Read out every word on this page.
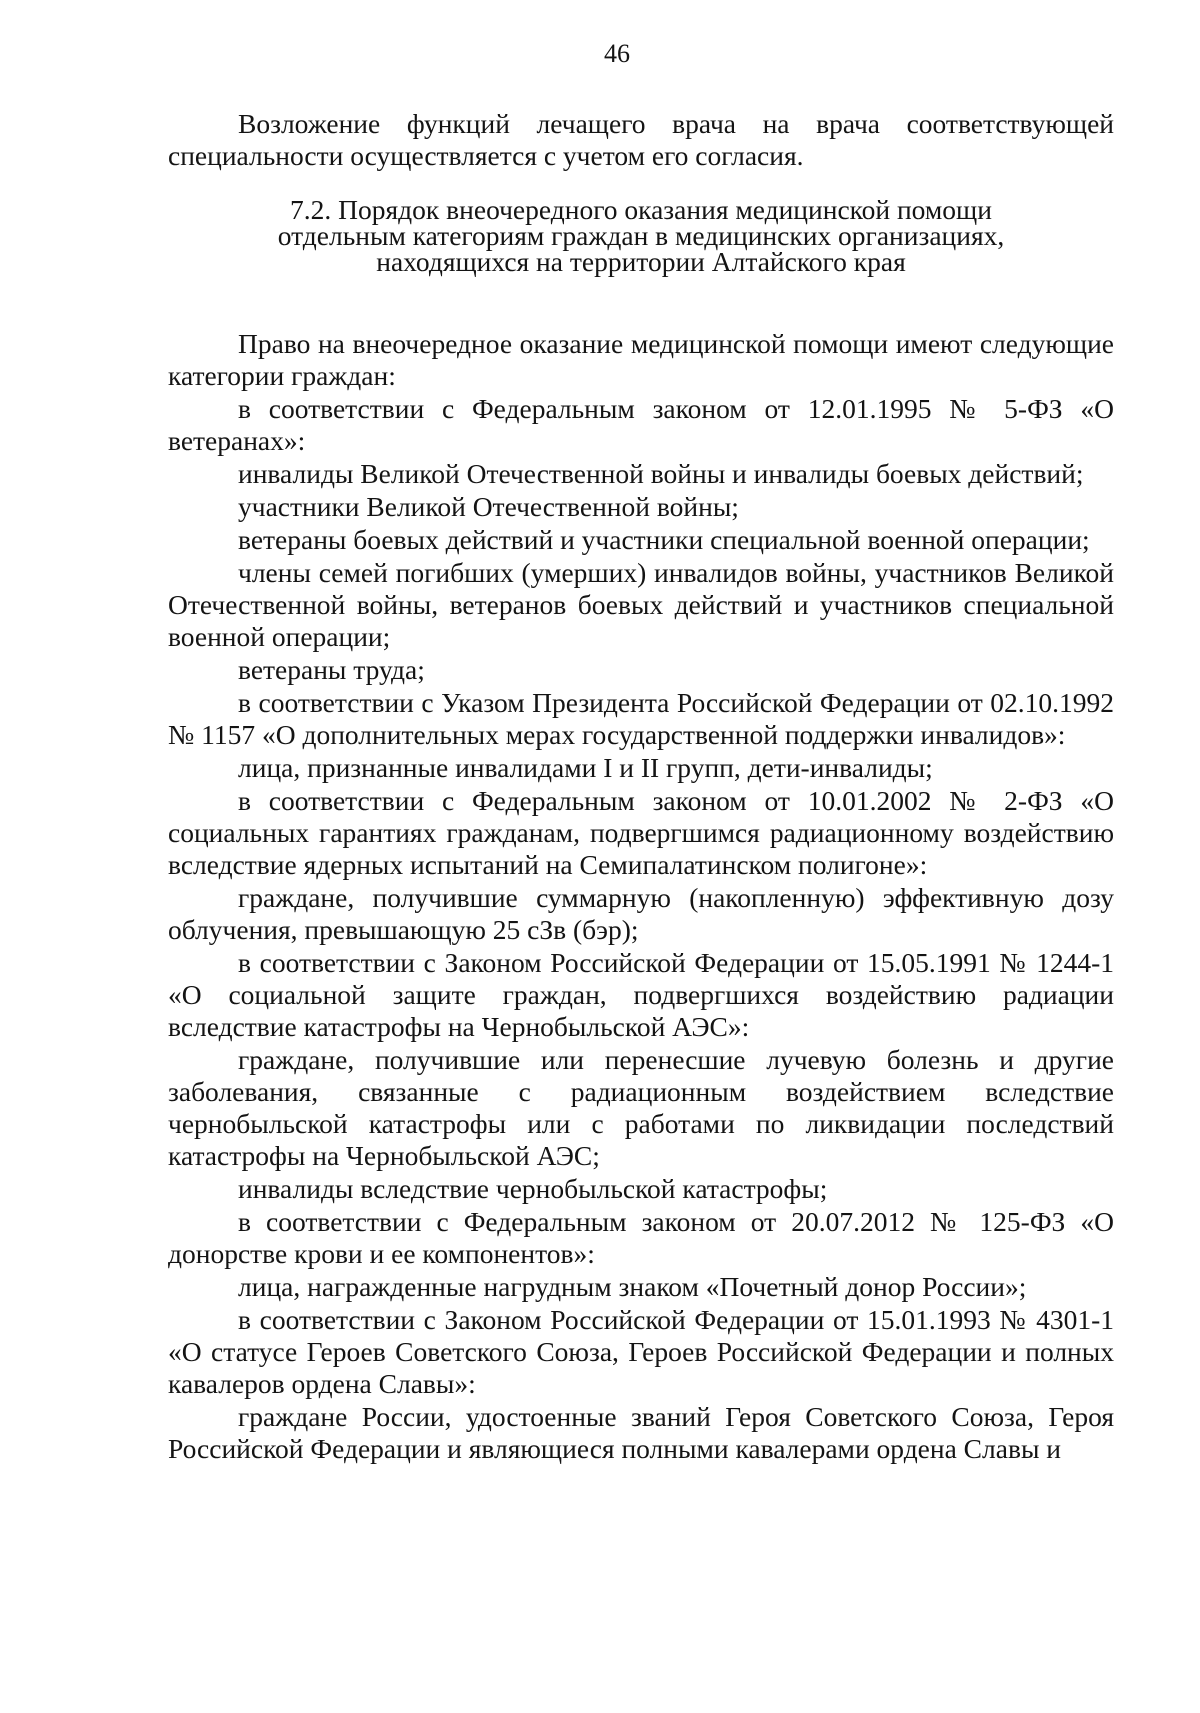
46

Возложение функций лечащего врача на врача соответствующей специальности осуществляется с учетом его согласия.

7.2. Порядок внеочередного оказания медицинской помощи
отдельным категориям граждан в медицинских организациях,
находящихся на территории Алтайского края

Право на внеочередное оказание медицинской помощи имеют следующие категории граждан:

в соответствии с Федеральным законом от 12.01.1995 № 5-ФЗ «О ветеранах»:

инвалиды Великой Отечественной войны и инвалиды боевых действий;

участники Великой Отечественной войны;

ветераны боевых действий и участники специальной военной операции;

члены семей погибших (умерших) инвалидов войны, участников Великой Отечественной войны, ветеранов боевых действий и участников специальной военной операции;

ветераны труда;

в соответствии с Указом Президента Российской Федерации от 02.10.1992 № 1157 «О дополнительных мерах государственной поддержки инвалидов»:

лица, признанные инвалидами I и II групп, дети-инвалиды;

в соответствии с Федеральным законом от 10.01.2002 № 2-ФЗ «О социальных гарантиях гражданам, подвергшимся радиационному воздействию вследствие ядерных испытаний на Семипалатинском полигоне»:

граждане, получившие суммарную (накопленную) эффективную дозу облучения, превышающую 25 сЗв (бэр);

в соответствии с Законом Российской Федерации от 15.05.1991 № 1244-1 «О социальной защите граждан, подвергшихся воздействию радиации вследствие катастрофы на Чернобыльской АЭС»:

граждане, получившие или перенесшие лучевую болезнь и другие заболевания, связанные с радиационным воздействием вследствие чернобыльской катастрофы или с работами по ликвидации последствий катастрофы на Чернобыльской АЭС;

инвалиды вследствие чернобыльской катастрофы;

в соответствии с Федеральным законом от 20.07.2012 № 125-ФЗ «О донорстве крови и ее компонентов»:

лица, награжденные нагрудным знаком «Почетный донор России»;

в соответствии с Законом Российской Федерации от 15.01.1993 № 4301-1 «О статусе Героев Советского Союза, Героев Российской Федерации и полных кавалеров ордена Славы»:

граждане России, удостоенные званий Героя Советского Союза, Героя Российской Федерации и являющиеся полными кавалерами ордена Славы и
